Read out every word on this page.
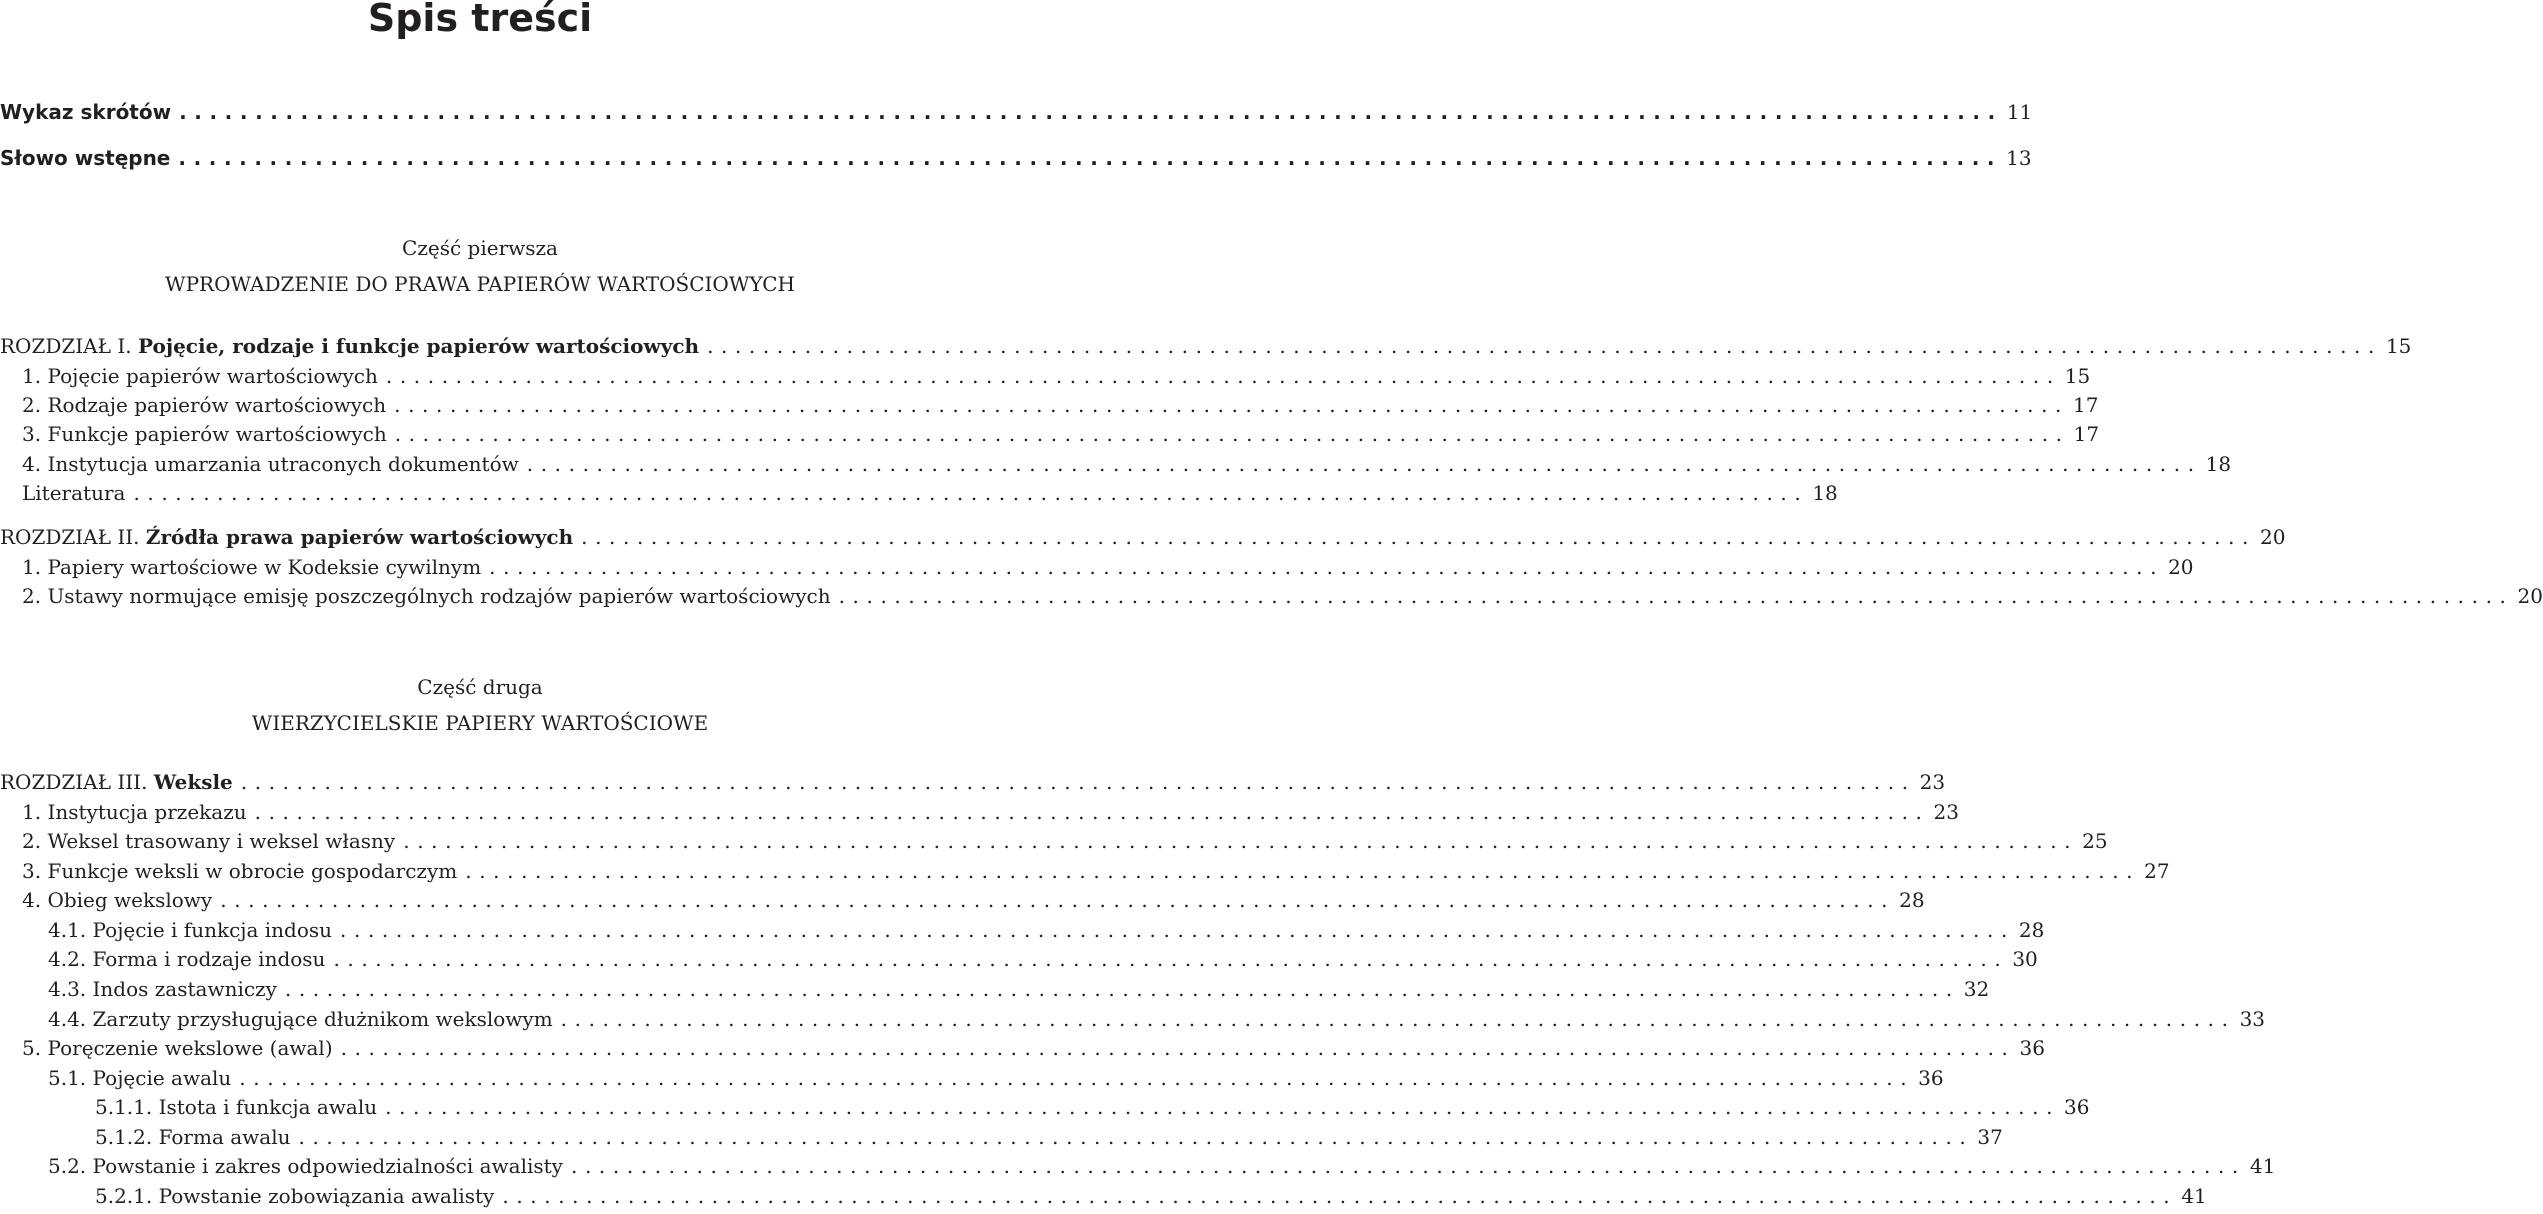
Spis treści
Wykaz skrótów ........................................................................................................................ 11
Słowo wstępne ........................................................................................................................ 13

Część pierwsza

WPROWADZENIE DO PRAWA PAPIERÓW WARTOŚCIOWYCH

ROZDZIAŁ I. Pojęcie, rodzaje i funkcje papierów wartościowych ........................................................................................................................ 15
1. Pojęcie papierów wartościowych ........................................................................................................................ 15
2. Rodzaje papierów wartościowych ........................................................................................................................ 17
3. Funkcje papierów wartościowych ........................................................................................................................ 17
4. Instytucja umarzania utraconych dokumentów ........................................................................................................................ 18
Literatura ........................................................................................................................ 18
ROZDZIAŁ II. Źródła prawa papierów wartościowych ........................................................................................................................ 20
1. Papiery wartościowe w Kodeksie cywilnym ........................................................................................................................ 20
2. Ustawy normujące emisję poszczególnych rodzajów papierów wartościowych ........................................................................................................................ 20

Część druga

WIERZYCIELSKIE PAPIERY WARTOŚCIOWE

ROZDZIAŁ III. Weksle ........................................................................................................................ 23
1. Instytucja przekazu ........................................................................................................................ 23
2. Weksel trasowany i weksel własny ........................................................................................................................ 25
3. Funkcje weksli w obrocie gospodarczym ........................................................................................................................ 27
4. Obieg wekslowy ........................................................................................................................ 28
4.1. Pojęcie i funkcja indosu ........................................................................................................................ 28
4.2. Forma i rodzaje indosu ........................................................................................................................ 30
4.3. Indos zastawniczy ........................................................................................................................ 32
4.4. Zarzuty przysługujące dłużnikom wekslowym ........................................................................................................................ 33
5. Poręczenie wekslowe (awal) ........................................................................................................................ 36
5.1. Pojęcie awalu ........................................................................................................................ 36
5.1.1. Istota i funkcja awalu ........................................................................................................................ 36
5.1.2. Forma awalu ........................................................................................................................ 37
5.2. Powstanie i zakres odpowiedzialności awalisty ........................................................................................................................ 41
5.2.1. Powstanie zobowiązania awalisty ........................................................................................................................ 41
